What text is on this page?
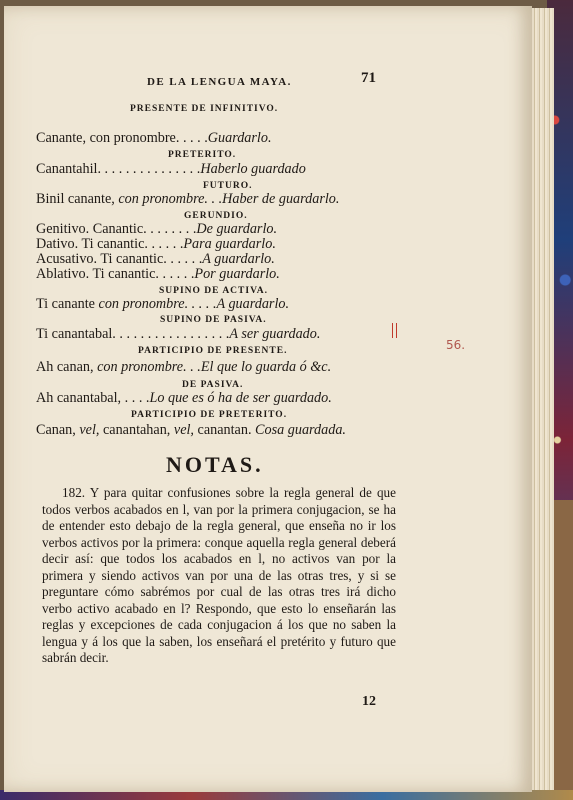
DE LA LENGUA MAYA.	71
PRESENTE DE INFINITIVO.
Canante, con pronombre. . . . .Guardarlo.
PRETERITO.
Canantahil. . . . . . . . . . . . . . .Haberlo guardado
FUTURO.
Binil canante, con pronombre. . .Haber de guardarlo.
GERUNDIO.
Genitivo. Canantic. . . . . . . .De guardarlo.
Dativo. Ti canantic. . . . . .Para guardarlo.
Acusativo. Ti canantic. . . . . .A guardarlo.
Ablativo. Ti canantic. . . . . .Por guardarlo.
SUPINO DE ACTIVA.
Ti canante con pronombre. . . . .A guardarlo.
SUPINO DE PASIVA.
Ti canantabal. . . . . . . . . . . . . . . . .A ser guardado.
PARTICIPIO DE PRESENTE.
Ah canan, con pronombre. . .El que lo guarda ó &c.
DE PASIVA.
Ah canantabal, . . . .Lo que es ó ha de ser guardado.
PARTICIPIO DE PRETERITO.
Canan, vel, canantahan, vel, canantan. Cosa guardada.
NOTAS.

182. Y para quitar confusiones sobre la regla general de que todos verbos acabados en l, van por la primera conjugacion, se ha de entender esto debajo de la regla general, que enseña no ir los verbos activos por la primera: conque aquella regla general deberá decir así: que todos los acabados en l, no activos van por la primera y siendo activos van por una de las otras tres, y si se preguntare cómo sabrémos por cual de las otras tres irá dicho verbo activo acabado en l? Respondo, que esto lo enseñarán las reglas y excepciones de cada conjugacion á los que no saben la lengua y á los que la saben, los enseñará el pretérito y futuro que sabrán decir.

12
56.
